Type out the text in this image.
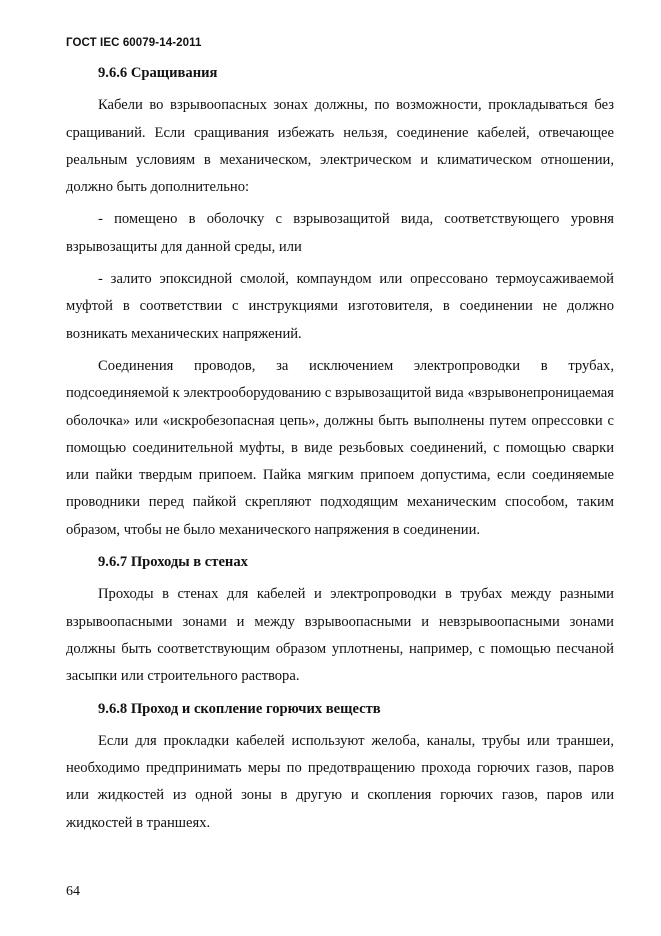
ГОСТ IEC 60079-14-2011
9.6.6 Сращивания

Кабели во взрывоопасных зонах должны, по возможности, прокладываться без сращиваний. Если сращивания избежать нельзя, соединение кабелей, отвечающее реальным условиям в механическом, электрическом и климатическом отношении, должно быть дополнительно:

- помещено в оболочку с взрывозащитой вида, соответствующего уровня взрывозащиты для данной среды, или

- залито эпоксидной смолой, компаундом или опрессовано термоусаживаемой муфтой в соответствии с инструкциями изготовителя, в соединении не должно возникать механических напряжений.

Соединения проводов, за исключением электропроводки в трубах, подсоединяемой к электрооборудованию с взрывозащитой вида «взрывонепроницаемая оболочка» или «искробезопасная цепь», должны быть выполнены путем опрессовки с помощью соединительной муфты, в виде резьбовых соединений, с помощью сварки или пайки твердым припоем. Пайка мягким припоем допустима, если соединяемые проводники перед пайкой скрепляют подходящим механическим способом, таким образом, чтобы не было механического напряжения в соединении.

9.6.7 Проходы в стенах

Проходы в стенах для кабелей и электропроводки в трубах между разными взрывоопасными зонами и между взрывоопасными и невзрывоопасными зонами должны быть соответствующим образом уплотнены, например, с помощью песчаной засыпки или строительного раствора.

9.6.8 Проход и скопление горючих веществ

Если для прокладки кабелей используют желоба, каналы, трубы или траншеи, необходимо предпринимать меры по предотвращению прохода горючих газов, паров или жидкостей из одной зоны в другую и скопления горючих газов, паров или жидкостей в траншеях.

64
